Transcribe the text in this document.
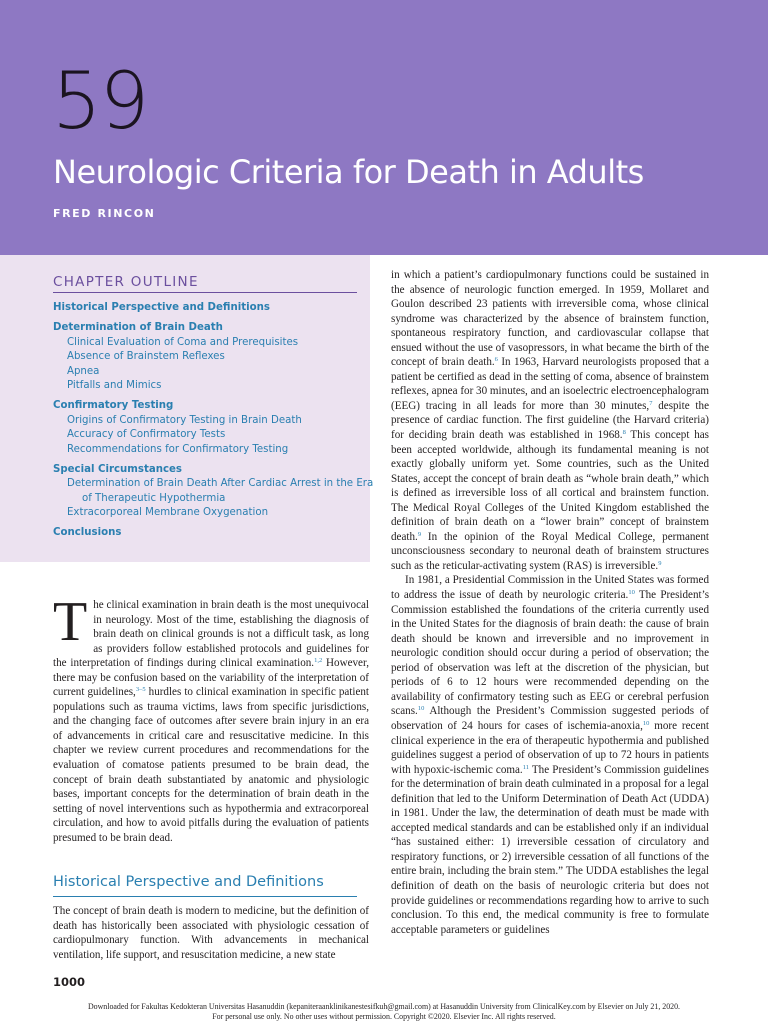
59
Neurologic Criteria for Death in Adults
FRED RINCON
CHAPTER OUTLINE
Historical Perspective and Definitions
Determination of Brain Death
Clinical Evaluation of Coma and Prerequisites
Absence of Brainstem Reflexes
Apnea
Pitfalls and Mimics
Confirmatory Testing
Origins of Confirmatory Testing in Brain Death
Accuracy of Confirmatory Tests
Recommendations for Confirmatory Testing
Special Circumstances
Determination of Brain Death After Cardiac Arrest in the Era
of Therapeutic Hypothermia
Extracorporeal Membrane Oxygenation
Conclusions

The clinical examination in brain death is the most unequivocal in neurology. Most of the time, establishing the diagnosis of brain death on clinical grounds is not a difficult task, as long as providers follow established protocols and guidelines for the interpretation of findings during clinical examination.$^{1,2}$ However, there may be confusion based on the variability of the interpretation of current guidelines,$^{3-5}$ hurdles to clinical examination in specific patient populations such as trauma victims, laws from specific jurisdictions, and the changing face of outcomes after severe brain injury in an era of advancements in critical care and resuscitative medicine. In this chapter we review current procedures and recommendations for the evaluation of comatose patients presumed to be brain dead, the concept of brain death substantiated by anatomic and physiologic bases, important concepts for the determination of brain death in the setting of novel interventions such as hypothermia and extracorporeal circulation, and how to avoid pitfalls during the evaluation of patients presumed to be brain dead.

Historical Perspective and Definitions

The concept of brain death is modern to medicine, but the definition of death has historically been associated with physiologic cessation of cardiopulmonary function. With advancements in mechanical ventilation, life support, and resuscitation medicine, a new state

in which a patient’s cardiopulmonary functions could be sustained in the absence of neurologic function emerged. In 1959, Mollaret and Goulon described 23 patients with irreversible coma, whose clinical syndrome was characterized by the absence of brainstem function, spontaneous respiratory function, and cardiovascular collapse that ensued without the use of vasopressors, in what became the birth of the concept of brain death.$^6$ In 1963, Harvard neurologists proposed that a patient be certified as dead in the setting of coma, absence of brainstem reflexes, apnea for 30 minutes, and an isoelectric electroencephalogram (EEG) tracing in all leads for more than 30 minutes,$^7$ despite the presence of cardiac function. The first guideline (the Harvard criteria) for deciding brain death was established in 1968.$^8$ This concept has been accepted worldwide, although its fundamental meaning is not exactly globally uniform yet. Some countries, such as the United States, accept the concept of brain death as “whole brain death,” which is defined as irreversible loss of all cortical and brainstem function. The Medical Royal Colleges of the United Kingdom established the definition of brain death on a “lower brain” concept of brainstem death.$^9$ In the opinion of the Royal Medical College, permanent unconsciousness secondary to neuronal death of brainstem structures such as the reticular-activating system (RAS) is irreversible.$^9$

In 1981, a Presidential Commission in the United States was formed to address the issue of death by neurologic criteria.$^{10}$ The President’s Commission established the foundations of the criteria currently used in the United States for the diagnosis of brain death: the cause of brain death should be known and irreversible and no improvement in neurologic condition should occur during a period of observation; the period of observation was left at the discretion of the physician, but periods of 6 to 12 hours were recommended depending on the availability of confirmatory testing such as EEG or cerebral perfusion scans.$^{10}$ Although the President’s Commission suggested periods of observation of 24 hours for cases of ischemia-anoxia,$^{10}$ more recent clinical experience in the era of therapeutic hypothermia and published guidelines suggest a period of observation of up to 72 hours in patients with hypoxic-ischemic coma.$^{11}$ The President’s Commission guidelines for the determination of brain death culminated in a proposal for a legal definition that led to the Uniform Determination of Death Act (UDDA) in 1981. Under the law, the determination of death must be made with accepted medical standards and can be established only if an individual “has sustained either: 1) irreversible cessation of circulatory and respiratory functions, or 2) irreversible cessation of all functions of the entire brain, including the brain stem.” The UDDA establishes the legal definition of death on the basis of neurologic criteria but does not provide guidelines or recommendations regarding how to arrive to such conclusion. To this end, the medical community is free to formulate acceptable parameters or guidelines

1000
Downloaded for Fakultas Kedokteran Universitas Hasanuddin (kepaniteraanklinikanestesifkuh@gmail.com) at Hasanuddin University from ClinicalKey.com by Elsevier on July 21, 2020.
For personal use only. No other uses without permission. Copyright ©2020. Elsevier Inc. All rights reserved.
